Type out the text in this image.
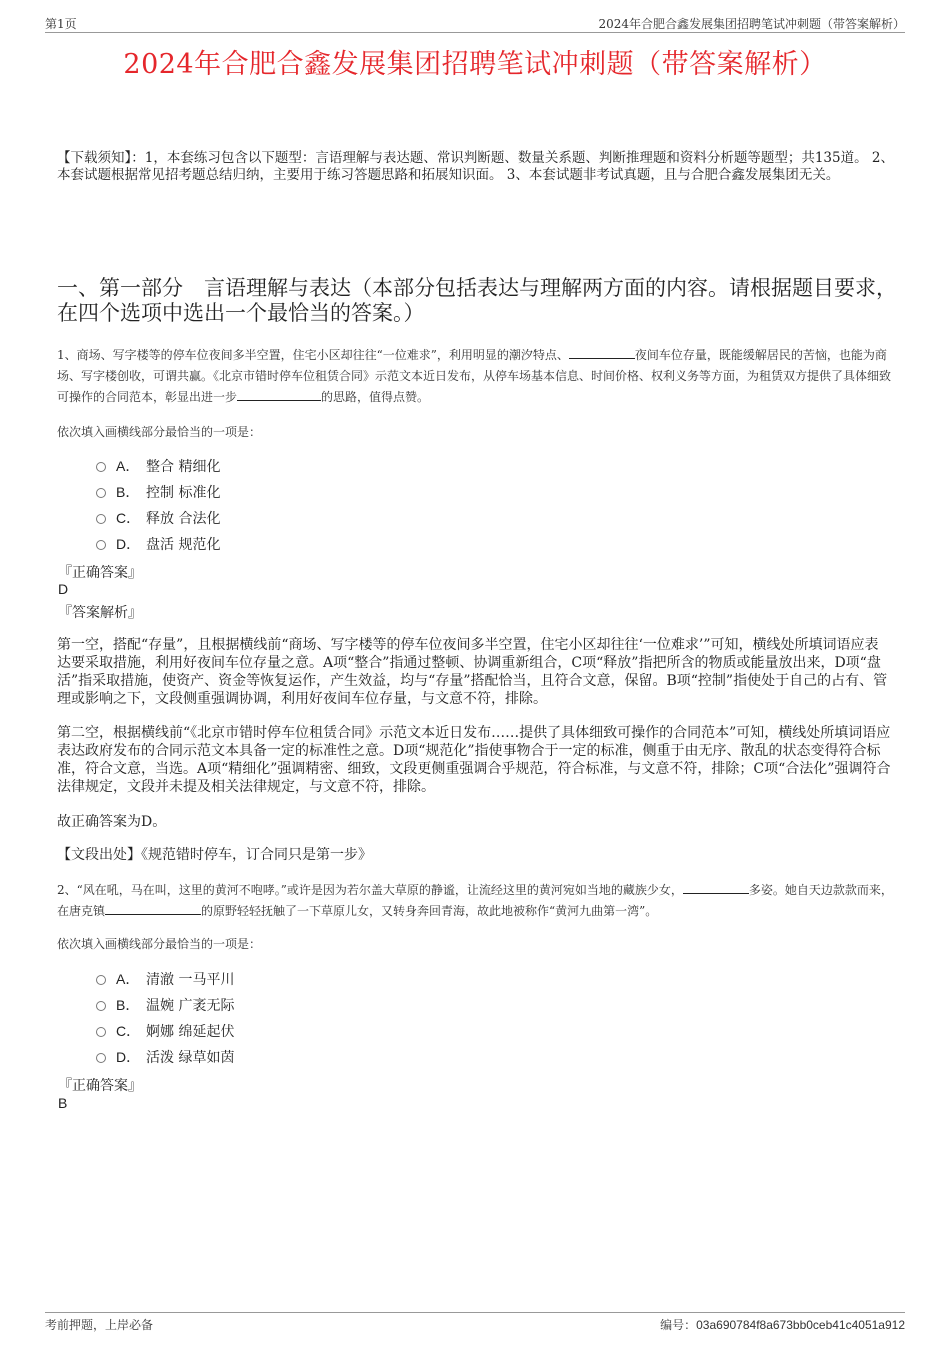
第1页	2024年合肥合鑫发展集团招聘笔试冲刺题（带答案解析）
2024年合肥合鑫发展集团招聘笔试冲刺题（带答案解析）
【下载须知】：1，本套练习包含以下题型：言语理解与表达题、常识判断题、数量关系题、判断推理题和资料分析题等题型；共135道。 2、本套试题根据常见招考题总结归纳，主要用于练习答题思路和拓展知识面。 3、本套试题非考试真题，且与合肥合鑫发展集团无关。
一、第一部分　言语理解与表达（本部分包括表达与理解两方面的内容。请根据题目要求，在四个选项中选出一个最恰当的答案。）
1、商场、写字楼等的停车位夜间多半空置，住宅小区却往往“一位难求”，利用明显的潮汐特点、	夜间车位存量，既能缓解居民的苦恼，也能为商场、写字楼创收，可谓共赢。《北京市错时停车位租赁合同》示范文本近日发布，从停车场基本信息、时间价格、权利义务等方面，为租赁双方提供了具体细致可操作的合同范本，彰显出进一步	的思路，值得点赞。
依次填入画横线部分最恰当的一项是：
A． 整合 精细化
B． 控制 标准化
C． 释放 合法化
D． 盘活 规范化
『正确答案』
D
『答案解析』

第一空，搭配“存量”，且根据横线前“商场、写字楼等的停车位夜间多半空置，住宅小区却往往‘一位难求’”可知，横线处所填词语应表达要采取措施，利用好夜间车位存量之意。A项“整合”指通过整顿、协调重新组合，C项“释放”指把所含的物质或能量放出来，D项“盘活”指采取措施，使资产、资金等恢复运作，产生效益，均与“存量”搭配恰当，且符合文意，保留。B项“控制”指使处于自己的占有、管理或影响之下，文段侧重强调协调，利用好夜间车位存量，与文意不符，排除。

第二空，根据横线前“《北京市错时停车位租赁合同》示范文本近日发布……提供了具体细致可操作的合同范本”可知，横线处所填词语应表达政府发布的合同示范文本具备一定的标准性之意。D项“规范化”指使事物合于一定的标准，侧重于由无序、散乱的状态变得符合标准，符合文意，当选。A项“精细化”强调精密、细致，文段更侧重强调合乎规范，符合标准，与文意不符，排除；C项“合法化”强调符合法律规定，文段并未提及相关法律规定，与文意不符，排除。

故正确答案为D。

【文段出处】《规范错时停车，订合同只是第一步》

2、“风在吼，马在叫，这里的黄河不咆哮。”或许是因为若尔盖大草原的静谧，让流经这里的黄河宛如当地的藏族少女，	多姿。她自天边款款而来，在唐克镇	的原野轻轻抚触了一下草原儿女，又转身奔回青海，故此地被称作“黄河九曲第一湾”。
依次填入画横线部分最恰当的一项是：
A． 清澈 一马平川
B． 温婉 广袤无际
C． 婀娜 绵延起伏
D． 活泼 绿草如茵
『正确答案』
B
考前押题，上岸必备	编号：03a690784f8a673bb0ceb41c4051a912
